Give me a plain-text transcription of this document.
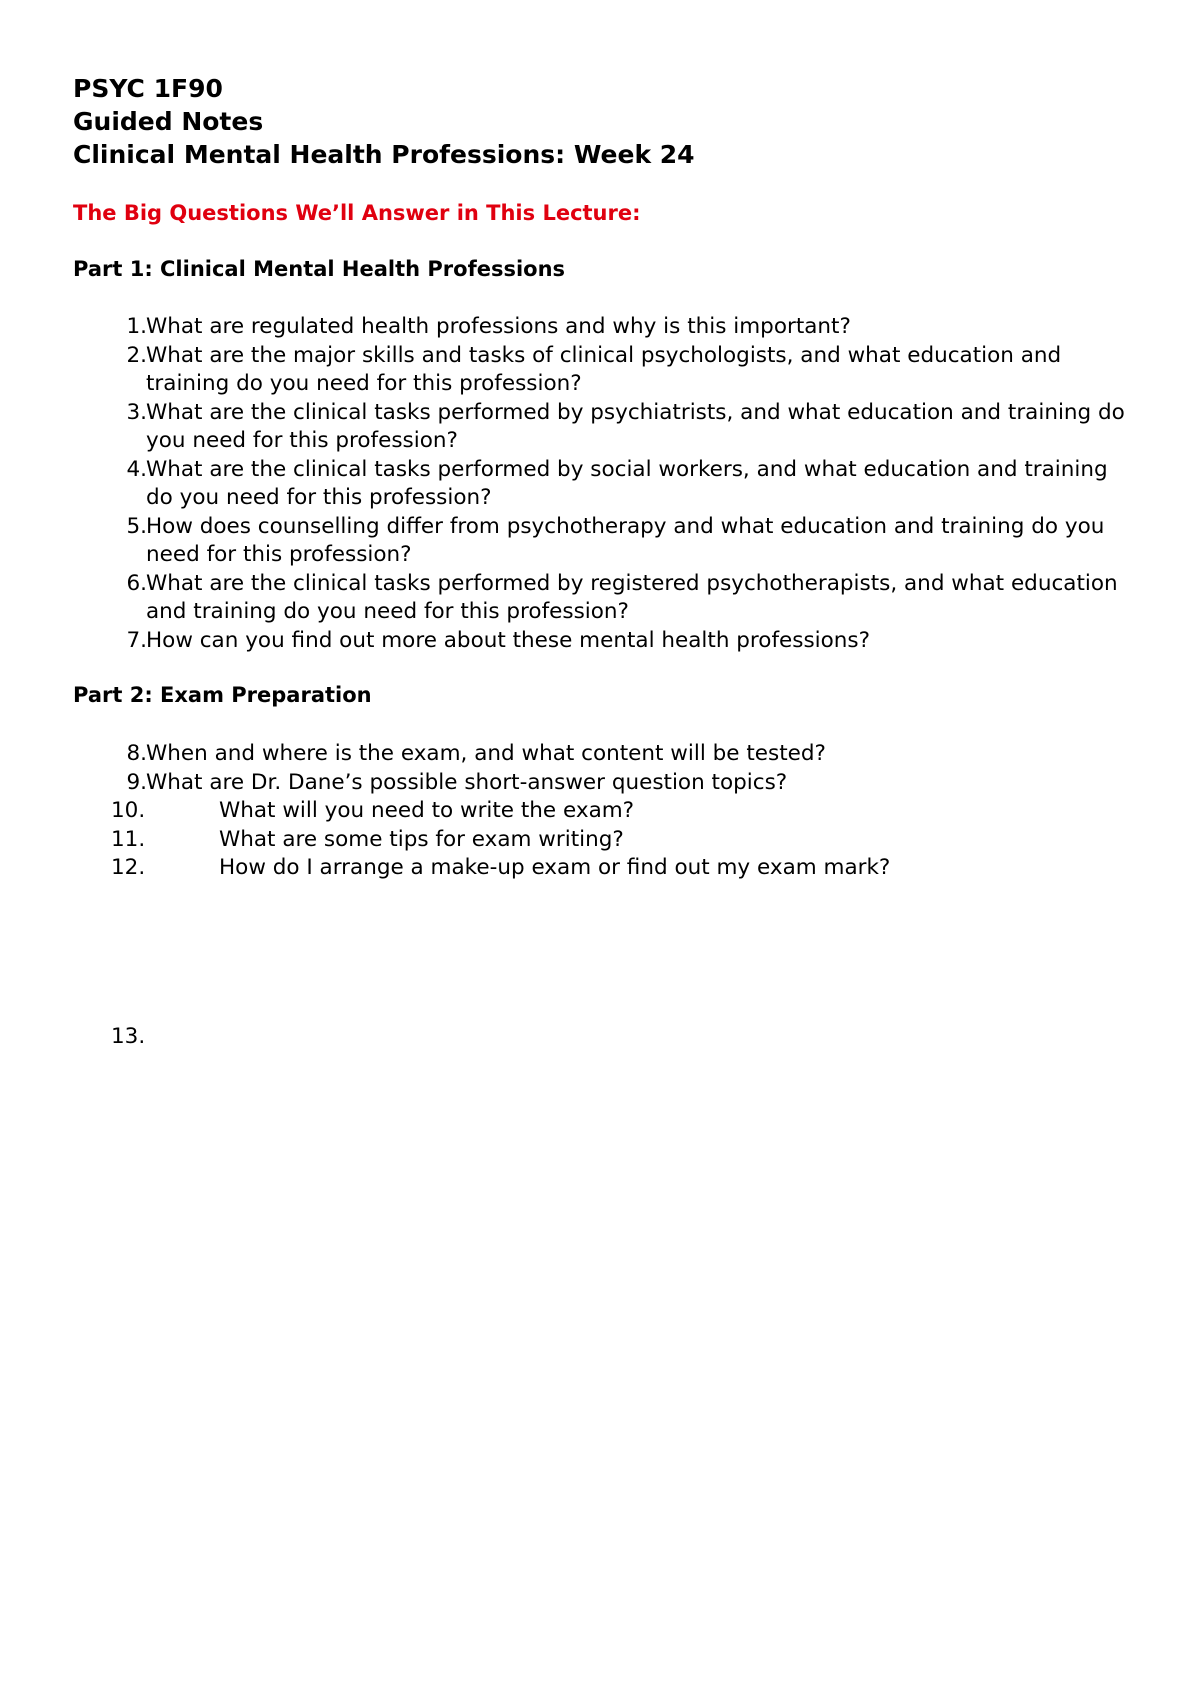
PSYC 1F90
Guided Notes
Clinical Mental Health Professions: Week 24
The Big Questions We’ll Answer in This Lecture:
Part 1: Clinical Mental Health Professions
1. What are regulated health professions and why is this important?
2. What are the major skills and tasks of clinical psychologists, and what education and training do you need for this profession?
3. What are the clinical tasks performed by psychiatrists, and what education and training do you need for this profession?
4. What are the clinical tasks performed by social workers, and what education and training do you need for this profession?
5. How does counselling differ from psychotherapy and what education and training do you need for this profession?
6. What are the clinical tasks performed by registered psychotherapists, and what education and training do you need for this profession?
7. How can you find out more about these mental health professions?
Part 2: Exam Preparation
8. When and where is the exam, and what content will be tested?
9. What are Dr. Dane’s possible short-answer question topics?
10.	What will you need to write the exam?
11.	What are some tips for exam writing?
12.	How do I arrange a make-up exam or find out my exam mark?
13.
